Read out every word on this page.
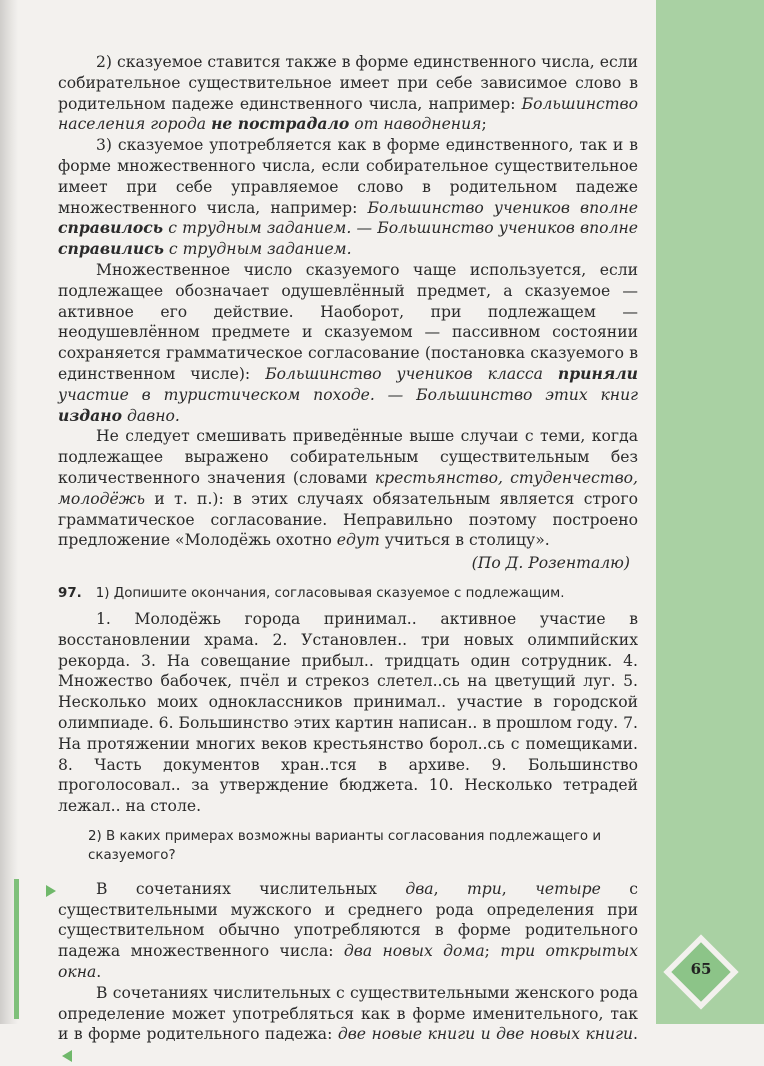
65

2) сказуемое ставится также в форме единственного числа, если собирательное существительное имеет при себе зависимое слово в родительном падеже единственного числа, например: Большинство населения города не пострадало от наводнения;

3) сказуемое употребляется как в форме единственного, так и в форме множественного числа, если собирательное существительное имеет при себе управляемое слово в родительном падеже множественного числа, например: Большинство учеников вполне справилось с трудным заданием. — Большинство учеников вполне справились с трудным заданием.

Множественное число сказуемого чаще используется, если подлежащее обозначает одушевлённый предмет, а сказуемое — активное его действие. Наоборот, при подлежащем — неодушевлённом предмете и сказуемом — пассивном состоянии сохраняется грамматическое согласование (постановка сказуемого в единственном числе): Большинство учеников класса приняли участие в туристическом походе. — Большинство этих книг издано давно.

Не следует смешивать приведённые выше случаи с теми, когда подлежащее выражено собирательным существительным без количественного значения (словами крестьянство, студенчество, молодёжь и т. п.): в этих случаях обязательным является строго грамматическое согласование. Неправильно поэтому построено предложение «Молодёжь охотно едут учиться в столицу».

(По Д. Розенталю)
97. 1) Допишите окончания, согласовывая сказуемое с подлежащим.

1. Молодёжь города принимал.. активное участие в восстановлении храма. 2. Установлен.. три новых олимпийских рекорда. 3. На совещание прибыл.. тридцать один сотрудник. 4. Множество бабочек, пчёл и стрекоз слетел..сь на цветущий луг. 5. Несколько моих одноклассников принимал.. участие в городской олимпиаде. 6. Большинство этих картин написан.. в прошлом году. 7. На протяжении многих веков крестьянство борол..сь с помещиками. 8. Часть документов хран..тся в архиве. 9. Большинство проголосовал.. за утверждение бюджета. 10. Несколько тетрадей лежал.. на столе.

2) В каких примерах возможны варианты согласования подлежащего и сказуемого?

В сочетаниях числительных два, три, четыре с существительными мужского и среднего рода определения при существительном обычно употребляются в форме родительного падежа множественного числа: два новых дома; три открытых окна.

В сочетаниях числительных с существительными женского рода определение может употребляться как в форме именительного, так и в форме родительного падежа: две новые книги и две новых книги.
